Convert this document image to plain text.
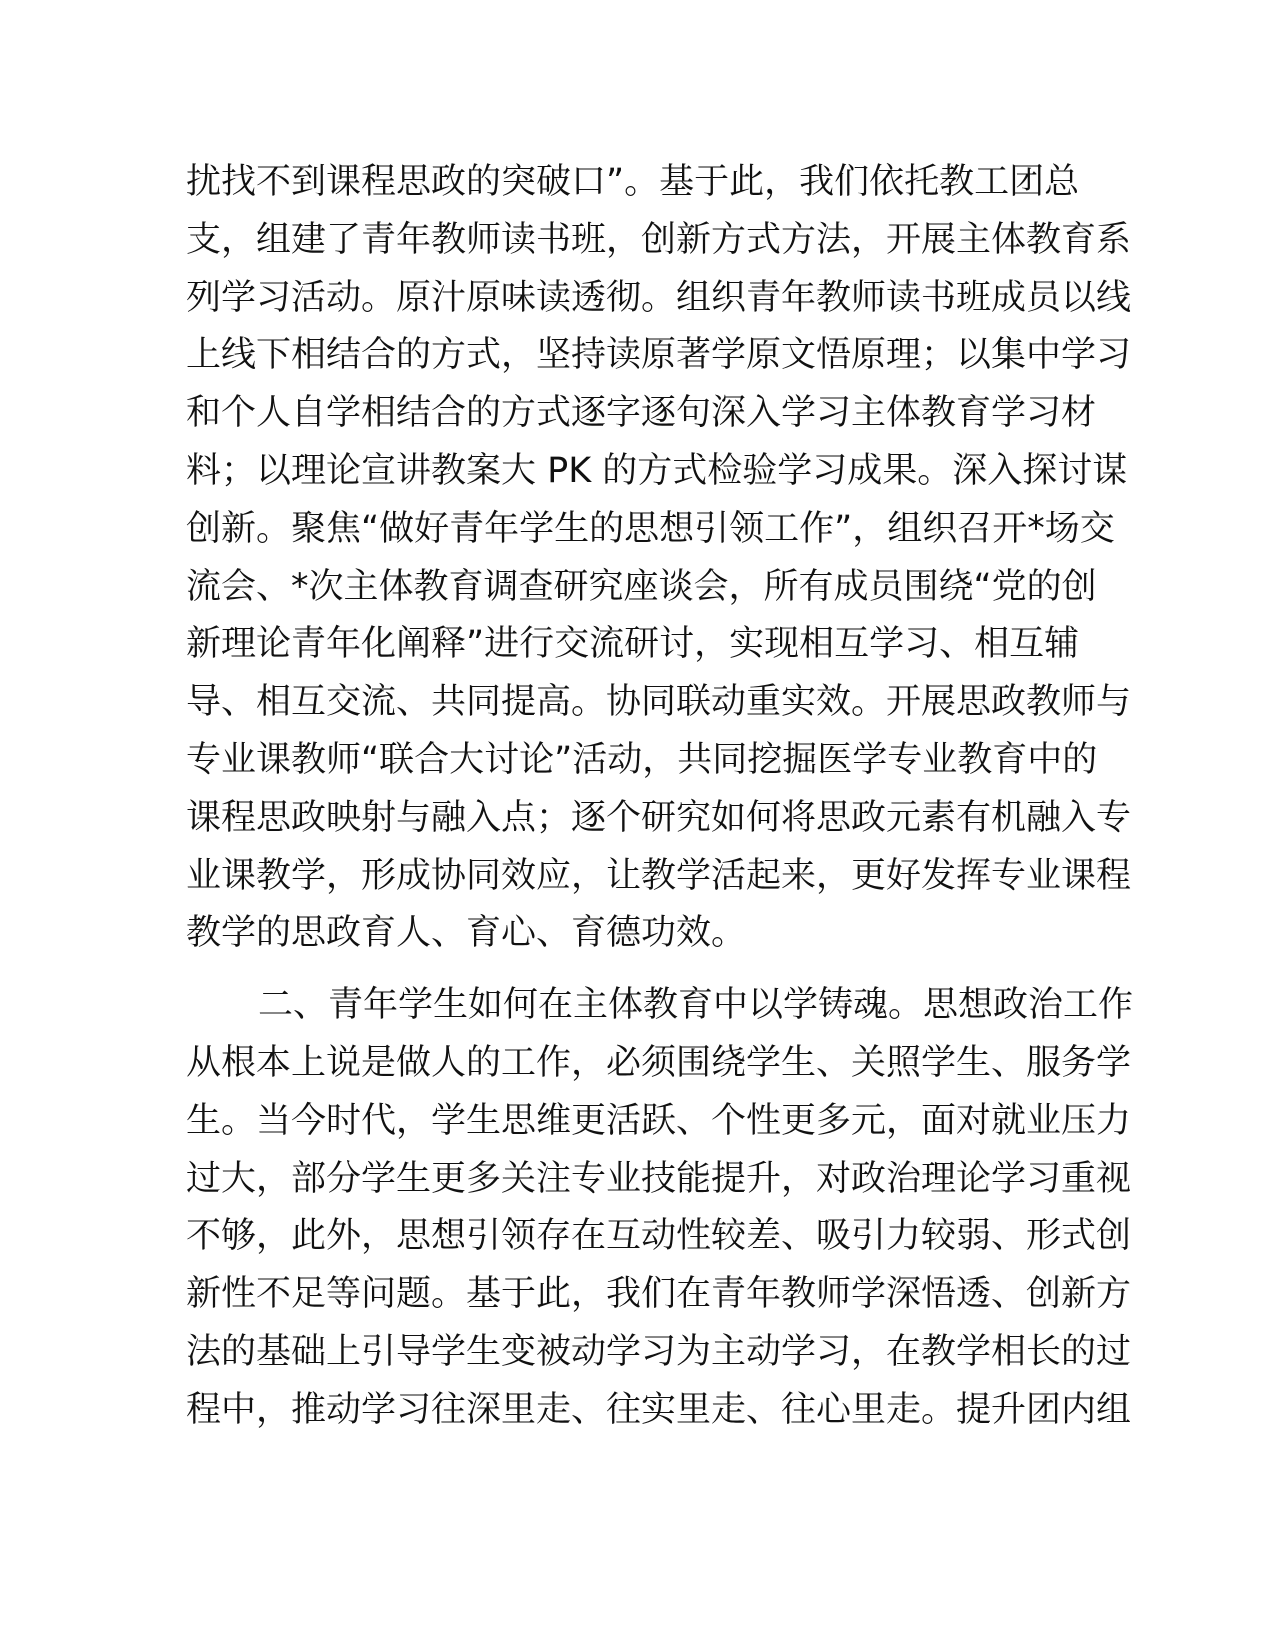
扰找不到课程思政的突破口”。基于此，我们依托教工团总
支，组建了青年教师读书班，创新方式方法，开展主体教育系
列学习活动。原汁原味读透彻。组织青年教师读书班成员以线
上线下相结合的方式，坚持读原著学原文悟原理；以集中学习
和个人自学相结合的方式逐字逐句深入学习主体教育学习材
料；以理论宣讲教案大 PK 的方式检验学习成果。深入探讨谋
创新。聚焦“做好青年学生的思想引领工作”，组织召开*场交
流会、*次主体教育调查研究座谈会，所有成员围绕“党的创
新理论青年化阐释”进行交流研讨，实现相互学习、相互辅
导、相互交流、共同提高。协同联动重实效。开展思政教师与
专业课教师“联合大讨论”活动，共同挖掘医学专业教育中的
课程思政映射与融入点；逐个研究如何将思政元素有机融入专
业课教学，形成协同效应，让教学活起来，更好发挥专业课程
教学的思政育人、育心、育德功效。
二、青年学生如何在主体教育中以学铸魂。思想政治工作
从根本上说是做人的工作，必须围绕学生、关照学生、服务学
生。当今时代，学生思维更活跃、个性更多元，面对就业压力
过大，部分学生更多关注专业技能提升，对政治理论学习重视
不够，此外，思想引领存在互动性较差、吸引力较弱、形式创
新性不足等问题。基于此，我们在青年教师学深悟透、创新方
法的基础上引导学生变被动学习为主动学习，在教学相长的过
程中，推动学习往深里走、往实里走、往心里走。提升团内组
